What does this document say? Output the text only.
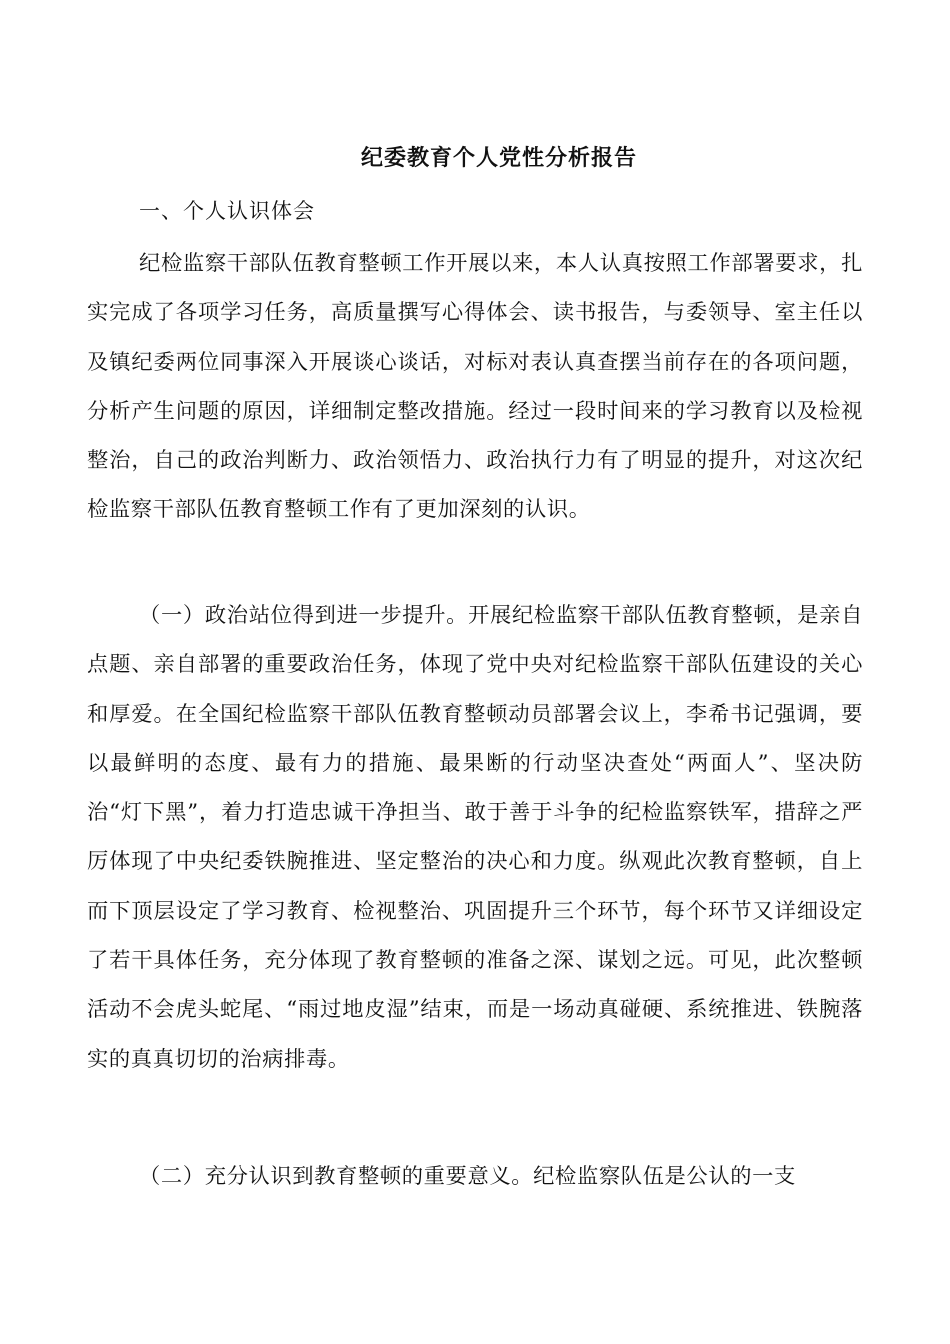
纪委教育个人党性分析报告
一、个人认识体会

纪检监察干部队伍教育整顿工作开展以来，本人认真按照工作部署要求，扎实完成了各项学习任务，高质量撰写心得体会、读书报告，与委领导、室主任以及镇纪委两位同事深入开展谈心谈话，对标对表认真查摆当前存在的各项问题，分析产生问题的原因，详细制定整改措施。经过一段时间来的学习教育以及检视整治，自己的政治判断力、政治领悟力、政治执行力有了明显的提升，对这次纪检监察干部队伍教育整顿工作有了更加深刻的认识。

（一）政治站位得到进一步提升。开展纪检监察干部队伍教育整顿，是亲自点题、亲自部署的重要政治任务，体现了党中央对纪检监察干部队伍建设的关心和厚爱。在全国纪检监察干部队伍教育整顿动员部署会议上，李希书记强调，要以最鲜明的态度、最有力的措施、最果断的行动坚决查处“两面人”、坚决防治“灯下黑”，着力打造忠诚干净担当、敢于善于斗争的纪检监察铁军，措辞之严厉体现了中央纪委铁腕推进、坚定整治的决心和力度。纵观此次教育整顿，自上而下顶层设定了学习教育、检视整治、巩固提升三个环节，每个环节又详细设定了若干具体任务，充分体现了教育整顿的准备之深、谋划之远。可见，此次整顿活动不会虎头蛇尾、“雨过地皮湿”结束，而是一场动真碰硬、系统推进、铁腕落实的真真切切的治病排毒。

（二）充分认识到教育整顿的重要意义。纪检监察队伍是公认的一支
